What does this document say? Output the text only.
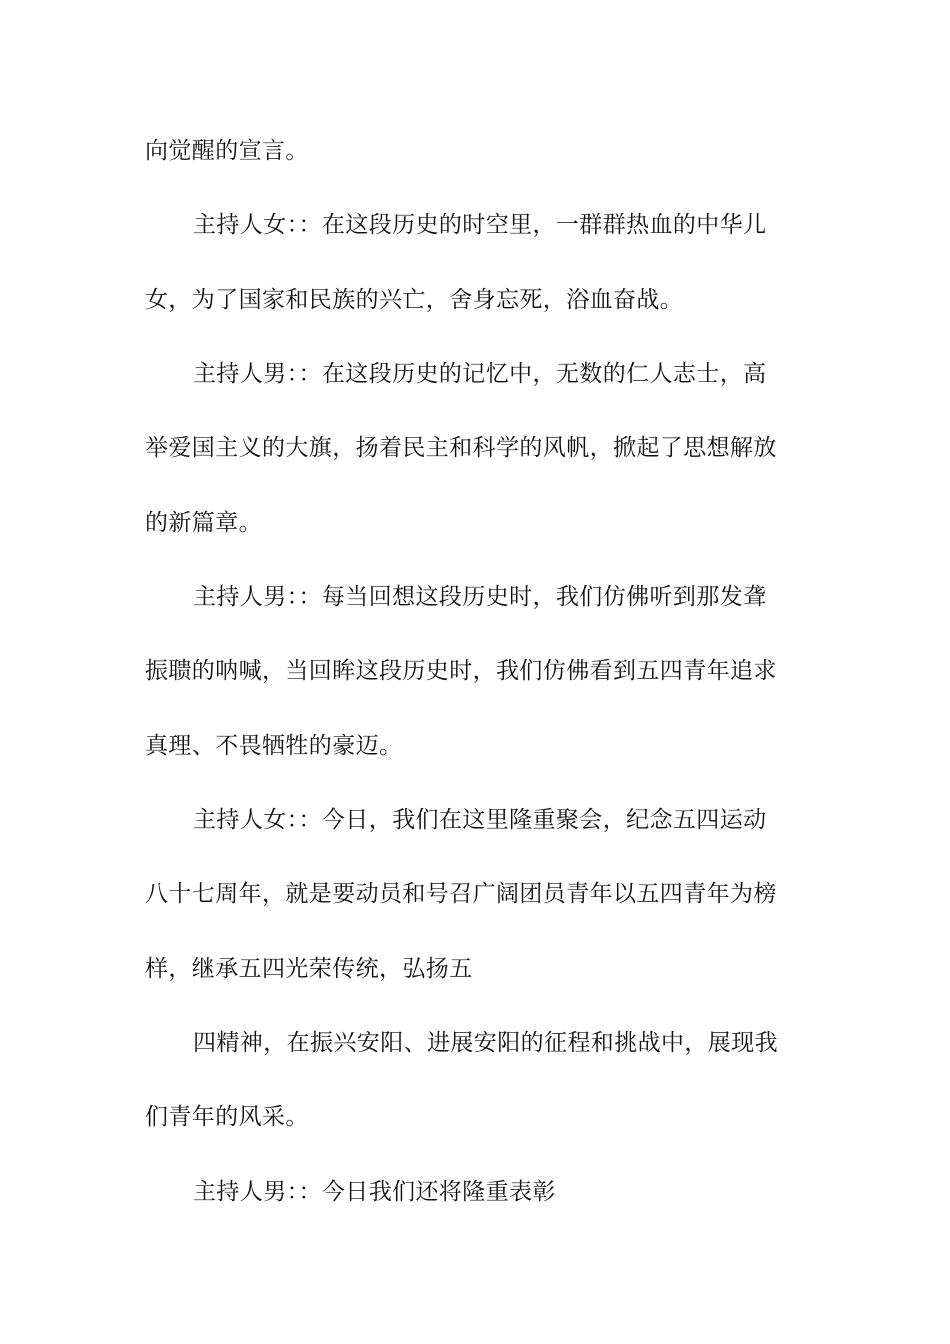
向觉醒的宣言。
主持人女：：在这段历史的时空里，一群群热血的中华儿
女，为了国家和民族的兴亡，舍身忘死，浴血奋战。
主持人男：：在这段历史的记忆中，无数的仁人志士，高
举爱国主义的大旗，扬着民主和科学的风帆，掀起了思想解放
的新篇章。
主持人男：：每当回想这段历史时，我们仿佛听到那发聋
振聩的呐喊，当回眸这段历史时，我们仿佛看到五四青年追求
真理、不畏牺牲的豪迈。
主持人女：：今日，我们在这里隆重聚会，纪念五四运动
八十七周年，就是要动员和号召广阔团员青年以五四青年为榜
样，继承五四光荣传统，弘扬五
四精神，在振兴安阳、进展安阳的征程和挑战中，展现我
们青年的风采。
主持人男：：今日我们还将隆重表彰
